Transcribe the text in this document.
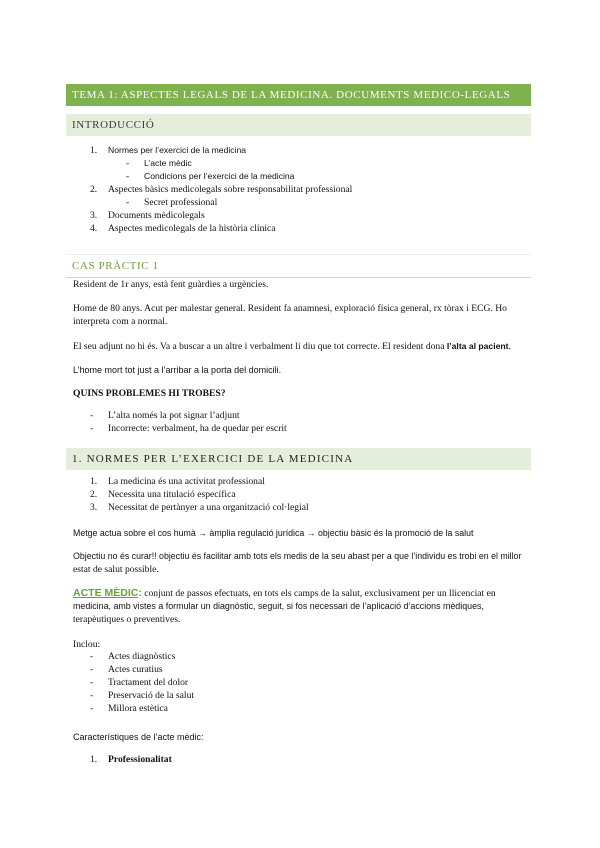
TEMA 1: ASPECTES LEGALS DE LA MEDICINA. DOCUMENTS MEDICO-LEGALS
INTRODUCCIÓ
1.	Normes per l’exercici de la medicina
- L’acte mèdic
- Condicions per l’exercici de la medicina
2.	Aspectes bàsics medicolegals sobre responsabilitat professional
- Secret professional
3.	Documents mèdicolegals
4.	Aspectes medicolegals de la història clínica
CAS PRÀCTIC 1
Resident de 1r anys, està fent guàrdies a urgències.
Home de 80 anys. Acut per malestar general. Resident fa anamnesi, exploració física general, rx tòrax i ECG. Ho
interpreta com a normal.
El seu adjunt no hi és. Va a buscar a un altre i verbalment li diu que tot correcte. El resident dona l’alta al pacient.
L’home mort tot just a l’arribar a la porta del domicili.
QUINS PROBLEMES HI TROBES?
- L’alta només la pot signar l’adjunt
- Incorrecte: verbalment, ha de quedar per escrit
1. NORMES PER L’EXERCICI DE LA MEDICINA
1.	La medicina és una activitat professional
2.	Necessita una titulació específica
3.	Necessitat de pertànyer a una organització col·legial
Metge actua sobre el cos humà → àmplia regulació jurídica → objectiu bàsic és la promoció de la salut
Objectiu no és curar!! objectiu és facilitar amb tots els medis de la seu abast per a que l’individu es trobi en el millor
estat de salut possible.
ACTE MÈDIC: conjunt de passos efectuats, en tots els camps de la salut, exclusivament per un llicenciat en
medicina, amb vistes a formular un diagnòstic, seguit, si fos necessari de l’aplicació d’accions mèdiques,
terapèutiques o preventives.
Inclou:
- Actes diagnòstics
- Actes curatius
- Tractament del dolor
- Preservació de la salut
- Millora estètica
Característiques de l’acte mèdic:
1.	Professionalitat
